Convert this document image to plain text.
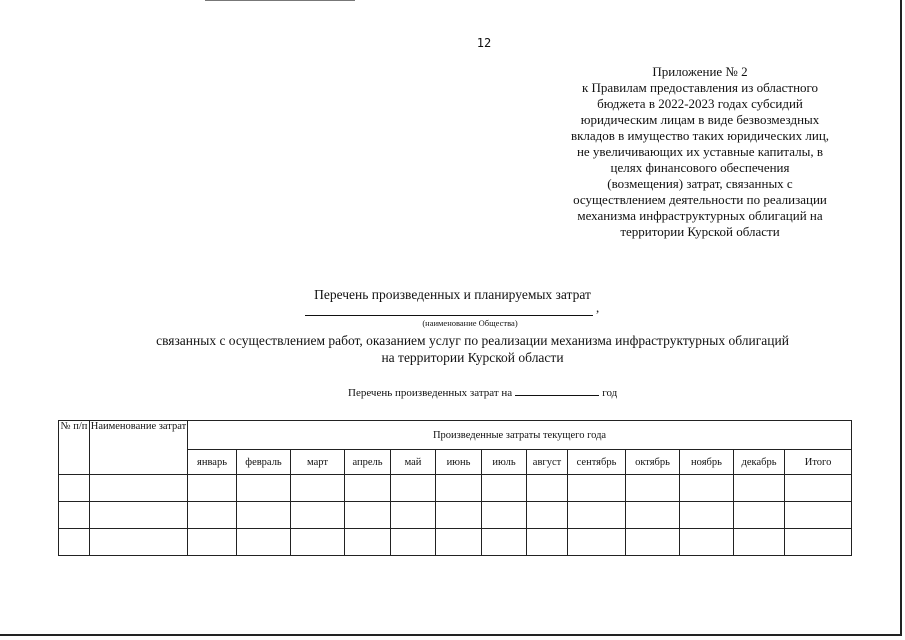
12
Приложение № 2
к Правилам предоставления из областного
бюджета в 2022-2023 годах субсидий
юридическим лицам в виде безвозмездных
вкладов в имущество таких юридических лиц,
не увеличивающих их уставные капиталы, в
целях финансового обеспечения
(возмещения) затрат, связанных с
осуществлением деятельности по реализации
механизма инфраструктурных облигаций на
территории Курской области
Перечень произведенных и планируемых затрат
,
(наименование Общества)
связанных с осуществлением работ, оказанием услуг по реализации механизма инфраструктурных облигаций
на территории Курской области
Перечень произведенных затрат на	год
№ п/п	Наименование затрат	Произведенные затраты текущего года												
		январь	февраль	март	апрель	май	июнь	июль	август	сентябрь	октябрь	ноябрь	декабрь	Итого
